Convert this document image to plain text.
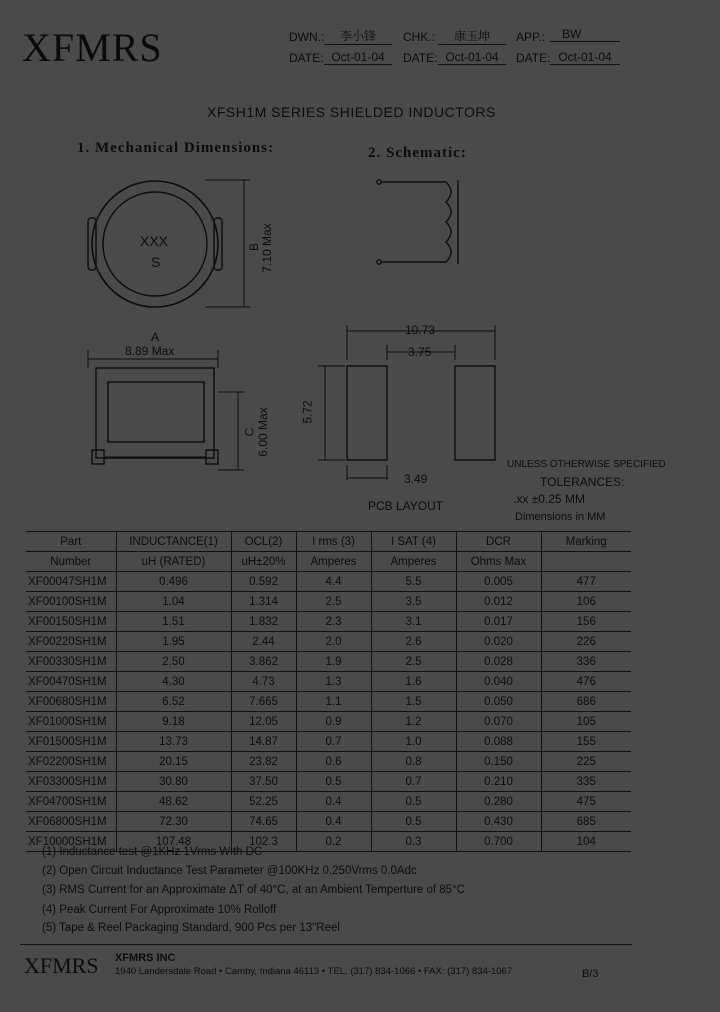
XFMRS	DWN.:	李小锋	CHK.:	康玉坤	APP.:	BW
DATE: Oct-01-04	DATE: Oct-01-04	DATE: Oct-01-04
XFSH1M SERIES SHIELDED INDUCTORS
1. Mechanical Dimensions:	2. Schematic:
XXX
S
B
7.10 Max
A
8.89 Max
C 6.00 Max
10.73
3.75
5.72
3.49
PCB LAYOUT
UNLESS OTHERWISE SPECIFIED
TOLERANCES:
.xx ±0.25 MM
Dimensions in MM
Part	INDUCTANCE(1)	OCL(2)	I rms (3)	I SAT (4)	DCR	Marking
Number	uH (RATED)	uH±20%	Amperes	Amperes	Ohms Max	
XF00047SH1M	0.496	0.592	4.4	5.5	0.005	477
XF00100SH1M	1.04	1.314	2.5	3.5	0.012	106
XF00150SH1M	1.51	1.832	2.3	3.1	0.017	156
XF00220SH1M	1.95	2.44	2.0	2.6	0.020	226
XF00330SH1M	2.50	3.862	1.9	2.5	0.028	336
XF00470SH1M	4.30	4.73	1.3	1.6	0.040	476
XF00680SH1M	6.52	7.665	1.1	1.5	0.050	686
XF01000SH1M	9.18	12.05	0.9	1.2	0.070	105
XF01500SH1M	13.73	14.87	0.7	1.0	0.088	155
XF02200SH1M	20.15	23.82	0.6	0.8	0.150	225
XF03300SH1M	30.80	37.50	0.5	0.7	0.210	335
XF04700SH1M	48.62	52.25	0.4	0.5	0.280	475
XF06800SH1M	72.30	74.65	0.4	0.5	0.430	685
XF10000SH1M	107.48	102.3	0.2	0.3	0.700	104
(1) Inductance test @1KHz 1Vrms With DC
(2) Open Circuit Inductance Test Parameter @100KHz 0.250Vrms 0.0Adc
(3) RMS Current for an Approximate ΔT of 40°C, at an Ambient Temperture of 85°C
(4) Peak Current For Approximate 10% Rolloff
(5) Tape & Reel Packaging Standard, 900 Pcs per 13"Reel
XFMRS XFMRS INC
1940 Landersdale Road • Camby, Indiana 46113 • TEL. (317) 834-1066 • FAX: (317) 834-1067	B/3
